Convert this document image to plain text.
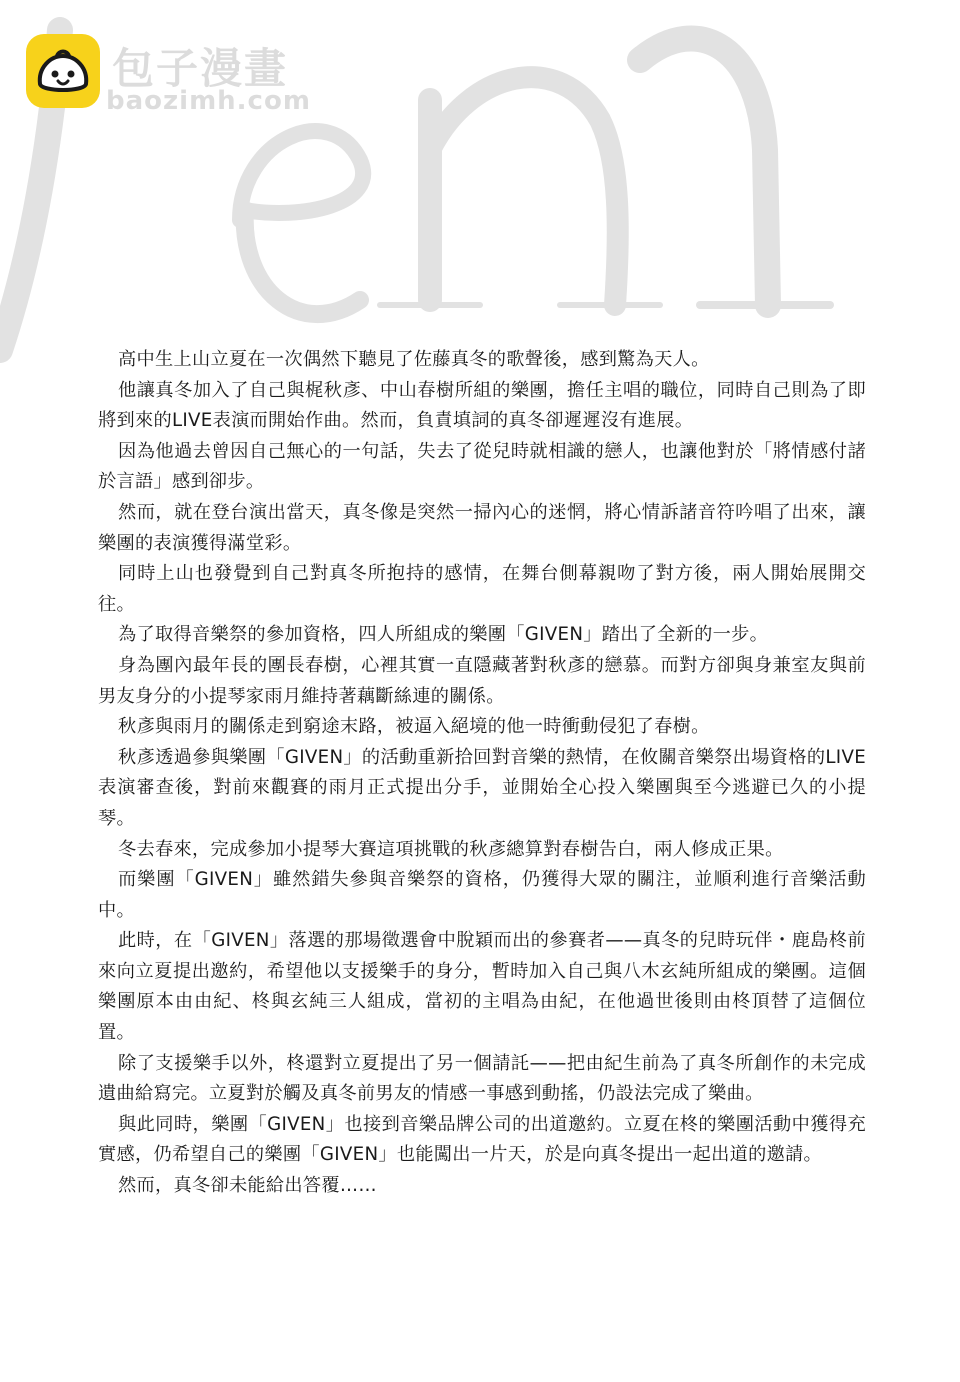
包子漫畫
baozimh.com

高中生上山立夏在一次偶然下聽見了佐藤真冬的歌聲後，感到驚為天人。

他讓真冬加入了自己與梶秋彥、中山春樹所組的樂團，擔任主唱的職位，同時自己則為了即將到來的LIVE表演而開始作曲。然而，負責填詞的真冬卻遲遲沒有進展。

因為他過去曾因自己無心的一句話，失去了從兒時就相識的戀人，也讓他對於「將情感付諸於言語」感到卻步。

然而，就在登台演出當天，真冬像是突然一掃內心的迷惘，將心情訴諸音符吟唱了出來，讓樂團的表演獲得滿堂彩。

同時上山也發覺到自己對真冬所抱持的感情，在舞台側幕親吻了對方後，兩人開始展開交往。

為了取得音樂祭的參加資格，四人所組成的樂團「GIVEN」踏出了全新的一步。

身為團內最年長的團長春樹，心裡其實一直隱藏著對秋彥的戀慕。而對方卻與身兼室友與前男友身分的小提琴家雨月維持著藕斷絲連的關係。

秋彥與雨月的關係走到窮途末路，被逼入絕境的他一時衝動侵犯了春樹。

秋彥透過參與樂團「GIVEN」的活動重新拾回對音樂的熱情，在攸關音樂祭出場資格的LIVE表演審查後，對前來觀賽的雨月正式提出分手，並開始全心投入樂團與至今逃避已久的小提琴。

冬去春來，完成參加小提琴大賽這項挑戰的秋彥總算對春樹告白，兩人修成正果。

而樂團「GIVEN」雖然錯失參與音樂祭的資格，仍獲得大眾的關注，並順利進行音樂活動中。

此時，在「GIVEN」落選的那場徵選會中脫穎而出的參賽者——真冬的兒時玩伴・鹿島柊前來向立夏提出邀約，希望他以支援樂手的身分，暫時加入自己與八木玄純所組成的樂團。這個樂團原本由由紀、柊與玄純三人組成，當初的主唱為由紀，在他過世後則由柊頂替了這個位置。

除了支援樂手以外，柊還對立夏提出了另一個請託——把由紀生前為了真冬所創作的未完成遺曲給寫完。立夏對於觸及真冬前男友的情感一事感到動搖，仍設法完成了樂曲。

與此同時，樂團「GIVEN」也接到音樂品牌公司的出道邀約。立夏在柊的樂團活動中獲得充實感，仍希望自己的樂團「GIVEN」也能闖出一片天，於是向真冬提出一起出道的邀請。

然而，真冬卻未能給出答覆……
